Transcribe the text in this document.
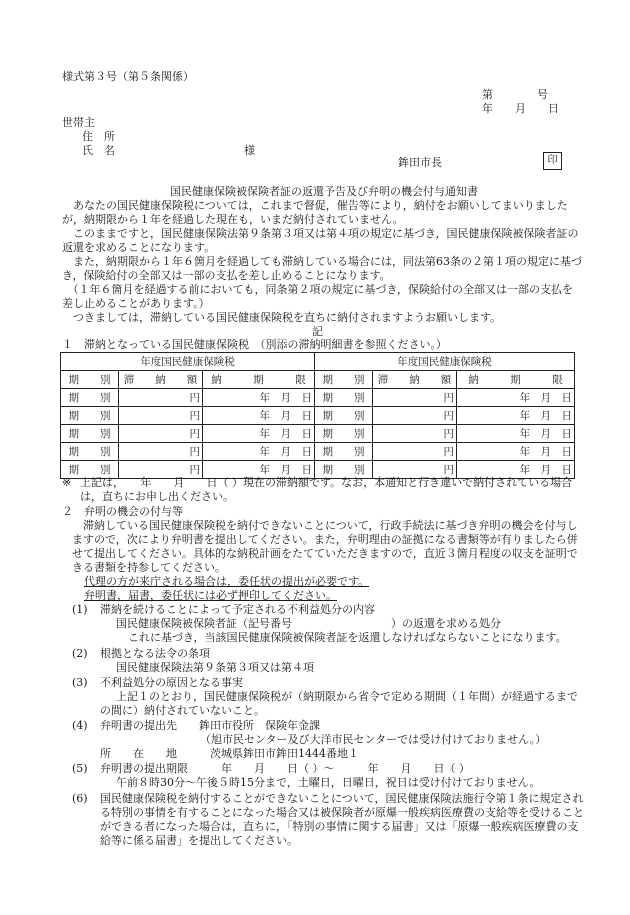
様式第３号（第５条関係）
第　　　　号
年　　月　　日
世帯主
住　所
氏　名	様
鉾田市長	印
国民健康保険被保険者証の返還予告及び弁明の機会付与通知書
　あなたの国民健康保険税については，これまで督促，催告等により，納付をお願いしてまいりましたが，納期限から１年を経過した現在も，いまだ納付されていません。
　このままですと，国民健康保険法第９条第３項又は第４項の規定に基づき，国民健康保険被保険者証の返還を求めることになります。
　また，納期限から１年６箇月を経過しても滞納している場合には，同法第63条の２第１項の規定に基づき，保険給付の全部又は一部の支払を差し止めることになります。
　（１年６箇月を経過する前においても，同条第２項の規定に基づき，保険給付の全部又は一部の支払を差し止めることがあります。）
　つきましては，滞納している国民健康保険税を直ちに納付されますようお願いします。
記
１　滞納となっている国民健康保険税　（別添の滞納明細書を参照ください。）
年度国民健康保険税			年度国民健康保険税		
期　　別	滞　　納　　額	納　　　期　　　限	期　　別	滞　　納　　額	納　　　期　　　限
期　　別	円	年　月　日	期　　別	円	年　月　日
期　　別	円	年　月　日	期　　別	円	年　月　日
期　　別	円	年　月　日	期　　別	円	年　月　日
期　　別	円	年　月　日	期　　別	円	年　月　日
期　　別	円	年　月　日	期　　別	円	年　月　日
※ 上記は，　　年　　月　　日（ ）現在の滞納額です。なお，本通知と行き違いで納付されている場合は，直ちにお申し出ください。
２　弁明の機会の付与等
　滞納している国民健康保険税を納付できないことについて，行政手続法に基づき弁明の機会を付与しますので，次により弁明書を提出してください。また，弁明理由の証拠になる書類等が有りましたら併せて提出してください。具体的な納税計画をたてていただきますので，直近３箇月程度の収支を証明できる書類を持参してください。
代理の方が来庁される場合は，委任状の提出が必要です。
弁明書，届書，委任状には必ず押印してください。
(1) 滞納を続けることによって予定される不利益処分の内容
国民健康保険被保険者証（記号番号　　　　　　　　　）の返還を求める処分
これに基づき，当該国民健康保険被保険者証を返還しなければならないことになります。
(2) 根拠となる法令の条項
国民健康保険法第９条第３項又は第４項
(3) 不利益処分の原因となる事実
上記１のとおり，国民健康保険税が（納期限から省令で定める期間（１年間）が経過するまでの間に）納付されていないこと。
(4) 弁明書の提出先　　鉾田市役所　保険年金課
（旭市民センター及び大洋市民センターでは受け付けておりません。）
所　　在　　地	茨城県鉾田市鉾田1444番地１
(5) 弁明書の提出期限　　　年　　月　　日（ ）～　　　年　　月　　日（ ）
午前８時30分～午後５時15分まで，土曜日，日曜日，祝日は受け付けておりません。
(6) 国民健康保険税を納付することができないことについて，国民健康保険法施行令第１条に規定される特別の事情を有することになった場合又は被保険者が原爆一般疾病医療費の支給等を受けることができる者になった場合は，直ちに，「特別の事情に関する届書」又は「原爆一般疾病医療費の支給等に係る届書」を提出してください。
